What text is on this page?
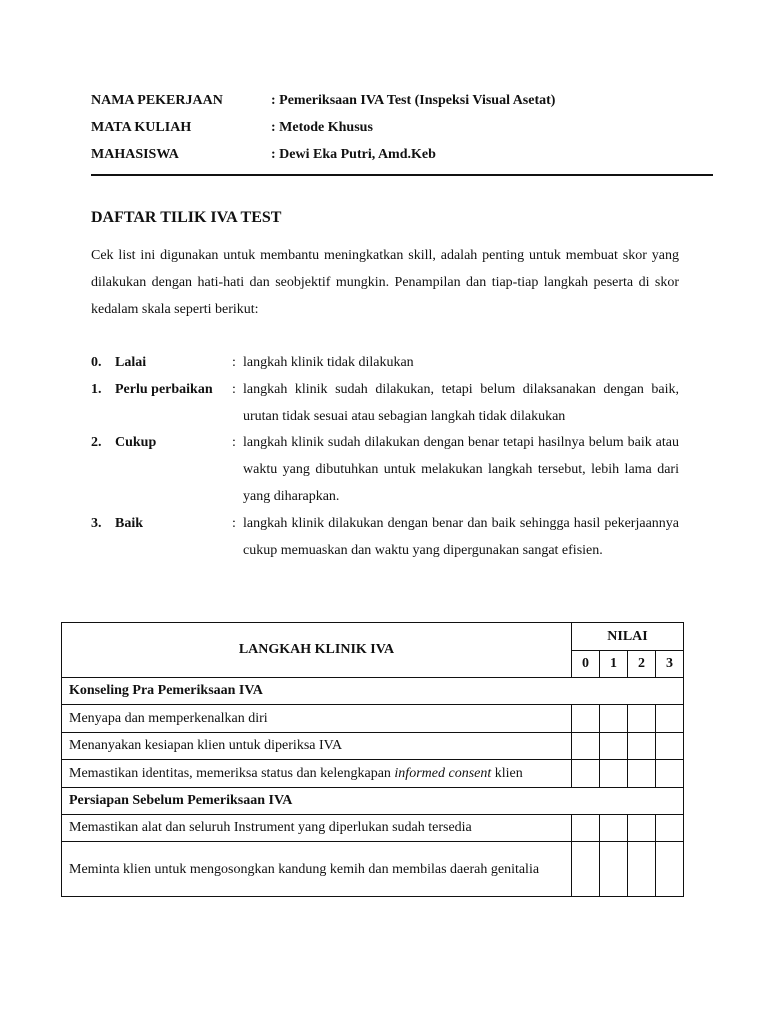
NAMA PEKERJAAN	: Pemeriksaan IVA Test (Inspeksi Visual Asetat)
MATA KULIAH	: Metode Khusus
MAHASISWA	: Dewi Eka Putri, Amd.Keb
DAFTAR TILIK IVA TEST
Cek list ini digunakan untuk membantu meningkatkan skill, adalah penting untuk membuat skor yang dilakukan dengan hati-hati dan seobjektif mungkin. Penampilan dan tiap-tiap langkah peserta di skor kedalam skala seperti berikut:
0. Lalai	: langkah klinik tidak dilakukan
1. Perlu perbaikan : langkah klinik sudah dilakukan, tetapi belum dilaksanakan dengan baik, urutan tidak sesuai atau sebagian langkah tidak dilakukan
2. Cukup	: langkah klinik sudah dilakukan dengan benar tetapi hasilnya belum baik atau waktu yang dibutuhkan untuk melakukan langkah tersebut, lebih lama dari yang diharapkan.
3. Baik	: langkah klinik dilakukan dengan benar dan baik sehingga hasil pekerjaannya cukup memuaskan dan waktu yang dipergunakan sangat efisien.
LANGKAH KLINIK IVA	NILAI			
	0	1	2	3
Konseling Pra Pemeriksaan IVA				
Menyapa dan memperkenalkan diri				
Menanyakan kesiapan klien untuk diperiksa IVA				
Memastikan identitas, memeriksa status dan kelengkapan informed consent klien				
Persiapan Sebelum Pemeriksaan IVA				
Memastikan alat dan seluruh Instrument yang diperlukan sudah tersedia				
Meminta klien untuk mengosongkan kandung kemih dan membilas daerah genitalia				
